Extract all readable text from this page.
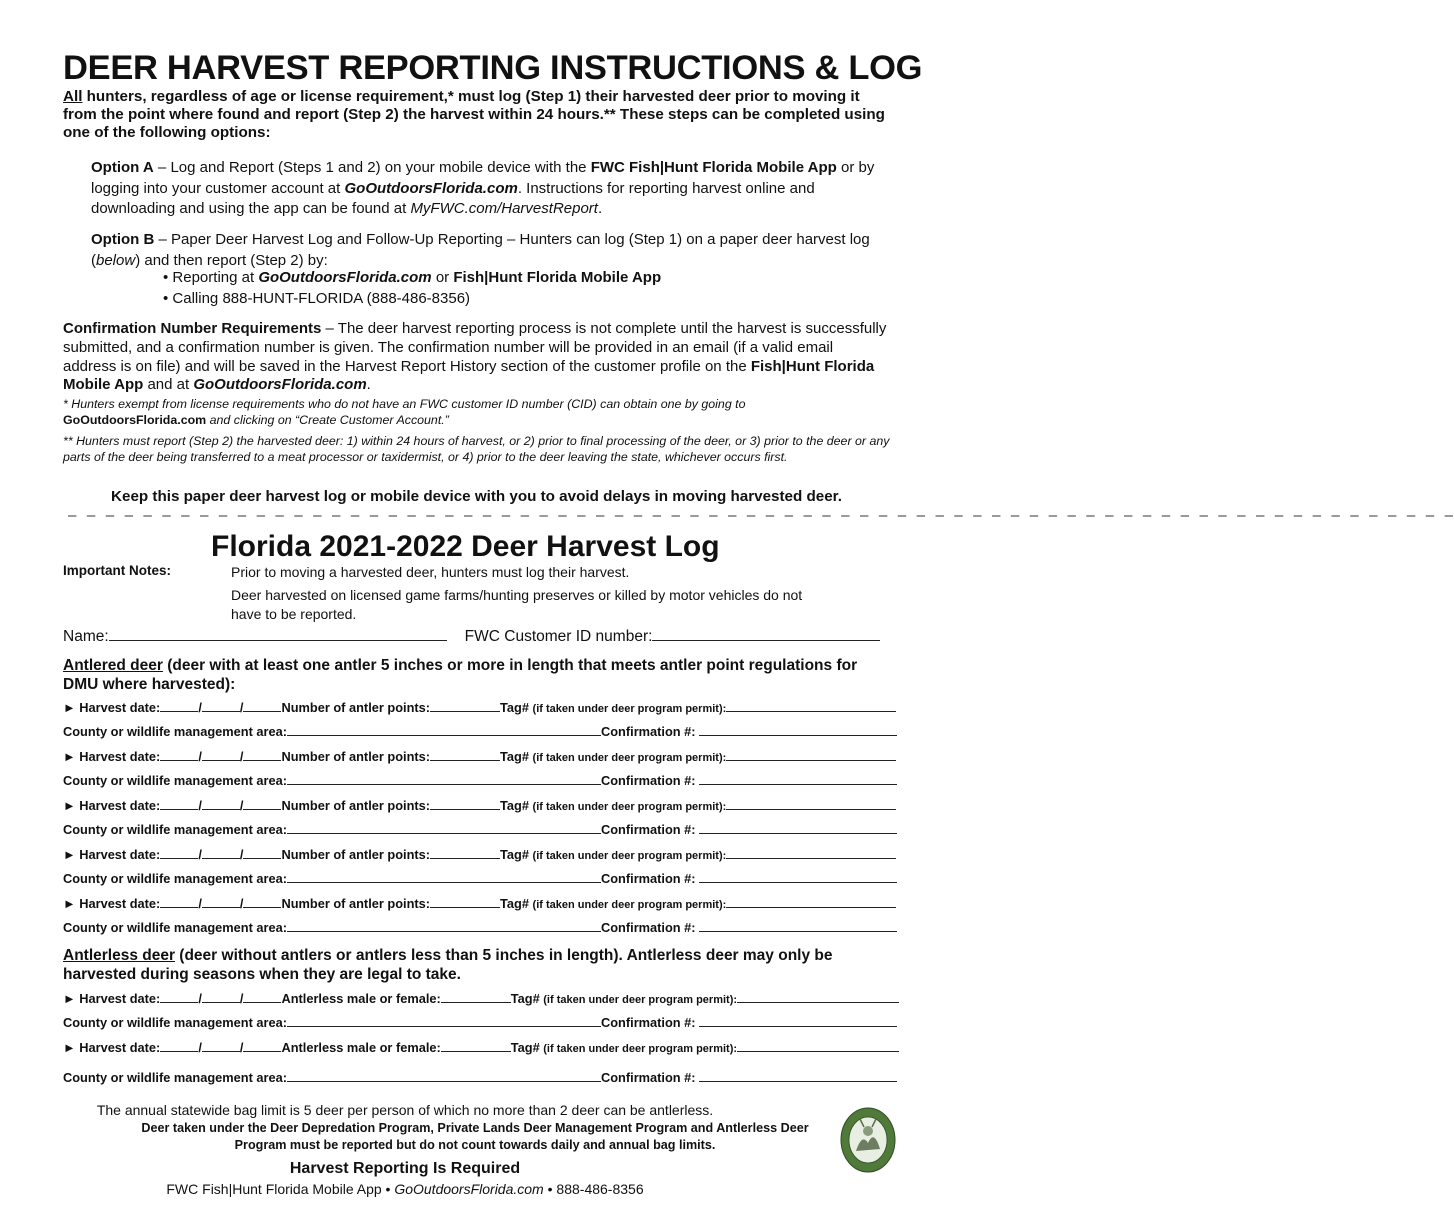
DEER HARVEST REPORTING INSTRUCTIONS & LOG
All hunters, regardless of age or license requirement,* must log (Step 1) their harvested deer prior to moving it from the point where found and report (Step 2) the harvest within 24 hours.** These steps can be completed using one of the following options:
Option A – Log and Report (Steps 1 and 2) on your mobile device with the FWC Fish|Hunt Florida Mobile App or by logging into your customer account at GoOutdoorsFlorida.com. Instructions for reporting harvest online and downloading and using the app can be found at MyFWC.com/HarvestReport.
Option B – Paper Deer Harvest Log and Follow-Up Reporting – Hunters can log (Step 1) on a paper deer harvest log (below) and then report (Step 2) by:
• Reporting at GoOutdoorsFlorida.com or Fish|Hunt Florida Mobile App
• Calling 888-HUNT-FLORIDA (888-486-8356)
Confirmation Number Requirements – The deer harvest reporting process is not complete until the harvest is successfully submitted, and a confirmation number is given. The confirmation number will be provided in an email (if a valid email address is on file) and will be saved in the Harvest Report History section of the customer profile on the Fish|Hunt Florida Mobile App and at GoOutdoorsFlorida.com.
* Hunters exempt from license requirements who do not have an FWC customer ID number (CID) can obtain one by going to GoOutdoorsFlorida.com and clicking on “Create Customer Account.”
** Hunters must report (Step 2) the harvested deer: 1) within 24 hours of harvest, or 2) prior to final processing of the deer, or 3) prior to the deer or any parts of the deer being transferred to a meat processor or taxidermist, or 4) prior to the deer leaving the state, whichever occurs first.
Keep this paper deer harvest log or mobile device with you to avoid delays in moving harvested deer.
– – – – – – – – – – – – – – – – – – – – – – – – – – – – – – – – – – – – – – – – – – – – – – – – – – – – – – – – – – – – – – – – – – – – – – – – – –
Florida 2021-2022 Deer Harvest Log
Important Notes:	Prior to moving a harvested deer, hunters must log their harvest.
Deer harvested on licensed game farms/hunting preserves or killed by motor vehicles do not have to be reported.
Name:	FWC Customer ID number:
Antlered deer (deer with at least one antler 5 inches or more in length that meets antler point regulations for DMU where harvested):
► Harvest date:	/	/	Number of antler points:	Tag# (if taken under deer program permit):
County or wildlife management area:	Confirmation #:
► Harvest date:	/	/	Number of antler points:	Tag# (if taken under deer program permit):
County or wildlife management area:	Confirmation #:
► Harvest date:	/	/	Number of antler points:	Tag# (if taken under deer program permit):
County or wildlife management area:	Confirmation #:
► Harvest date:	/	/	Number of antler points:	Tag# (if taken under deer program permit):
County or wildlife management area:	Confirmation #:
► Harvest date:	/	/	Number of antler points:	Tag# (if taken under deer program permit):
County or wildlife management area:	Confirmation #:
Antlerless deer (deer without antlers or antlers less than 5 inches in length). Antlerless deer may only be harvested during seasons when they are legal to take.
► Harvest date:	/	/	Antlerless male or female:	Tag# (if taken under deer program permit):
County or wildlife management area:	Confirmation #:
► Harvest date:	/	/	Antlerless male or female:	Tag# (if taken under deer program permit):
County or wildlife management area:	Confirmation #:
The annual statewide bag limit is 5 deer per person of which no more than 2 deer can be antlerless.
Deer taken under the Deer Depredation Program, Private Lands Deer Management Program and Antlerless Deer Program must be reported but do not count towards daily and annual bag limits.
Harvest Reporting Is Required
FWC Fish|Hunt Florida Mobile App • GoOutdoorsFlorida.com • 888-486-8356
